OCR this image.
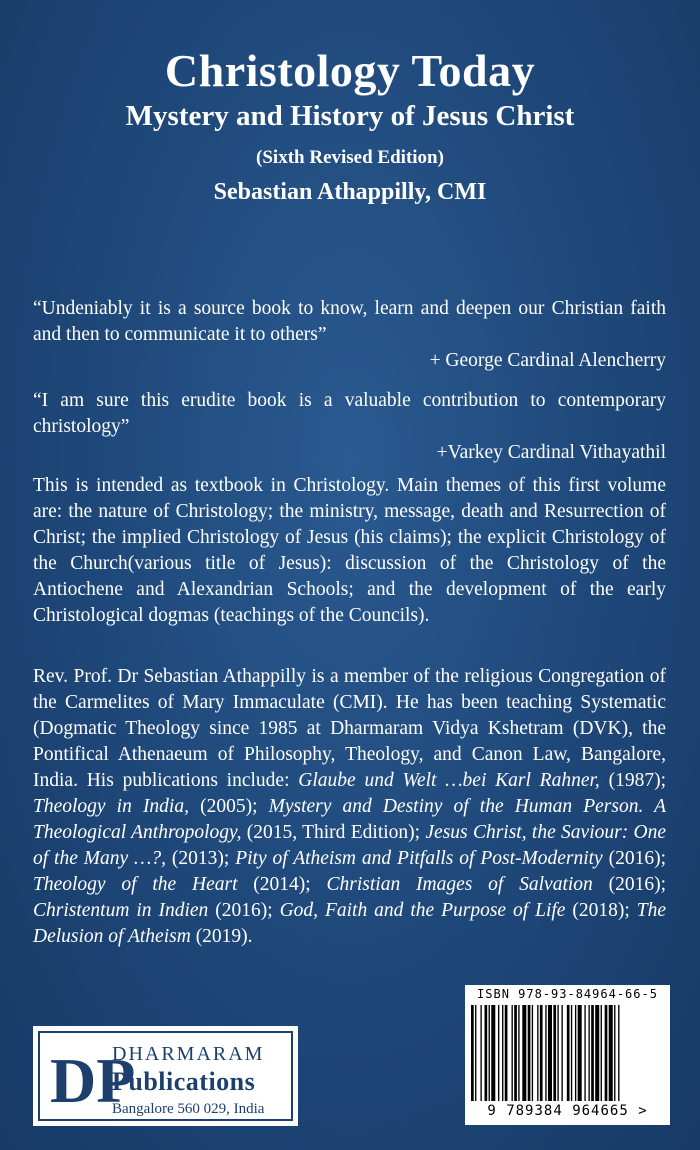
Christology Today
Mystery and History of Jesus Christ
(Sixth Revised Edition)
Sebastian Athappilly, CMI

“Undeniably it is a source book to know, learn and deepen our Christian faith and then to communicate it to others”

+ George Cardinal Alencherry

“I am sure this erudite book is a valuable contribution to contemporary christology”

+Varkey Cardinal Vithayathil

This is intended as textbook in Christology. Main themes of this first volume are: the nature of Christology; the ministry, message, death and Resurrection of Christ; the implied Christology of Jesus (his claims); the explicit Christology of the Church(various title of Jesus): discussion of the Christology of the Antiochene and Alexandrian Schools; and the development of the early Christological dogmas (teachings of the Councils).

Rev. Prof. Dr Sebastian Athappilly is a member of the religious Congregation of the Carmelites of Mary Immaculate (CMI). He has been teaching Systematic (Dogmatic Theology since 1985 at Dharmaram Vidya Kshetram (DVK), the Pontifical Athenaeum of Philosophy, Theology, and Canon Law, Bangalore, India. His publications include: Glaube und Welt …bei Karl Rahner, (1987); Theology in India, (2005); Mystery and Destiny of the Human Person. A Theological Anthropology, (2015, Third Edition); Jesus Christ, the Saviour: One of the Many …?, (2013); Pity of Atheism and Pitfalls of Post-Modernity (2016); Theology of the Heart (2014); Christian Images of Salvation (2016); Christentum in Indien (2016); God, Faith and the Purpose of Life (2018); The Delusion of Atheism (2019).

DP
DHARMARAM
Publications
Bangalore 560 029, India
ISBN 978-93-84964-66-5
9 789384 964665 >
